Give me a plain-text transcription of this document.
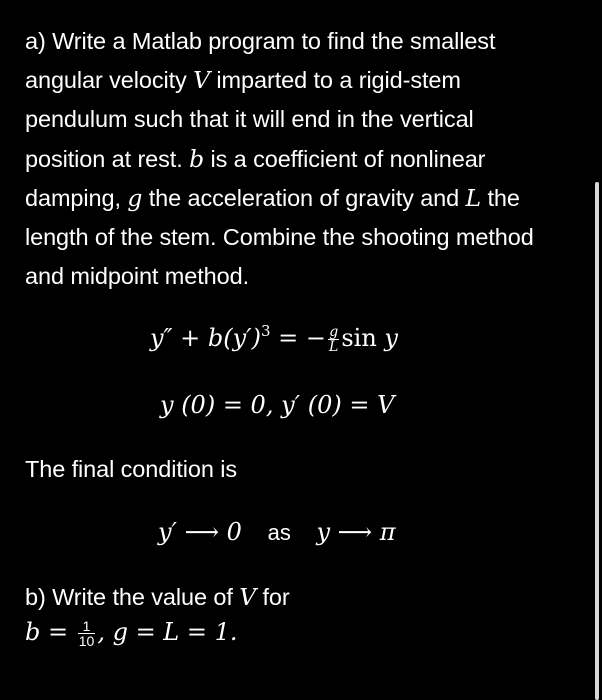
a) Write a Matlab program to find the smallest

angular velocity V imparted to a rigid-stem

pendulum such that it will end in the vertical

position at rest. b is a coefficient of nonlinear

damping, g the acceleration of gravity and L the

length of the stem. Combine the shooting method

and midpoint method.

$y'' + b(y')^3$ = − $\frac{g}{L}$ sin y
y (0) = 0, y′ (0) = V
The final condition is
y′ ⟶ 0 as y ⟶ π
b) Write the value of V for
$b = \frac{1}{10}$ , g = L = 1.
